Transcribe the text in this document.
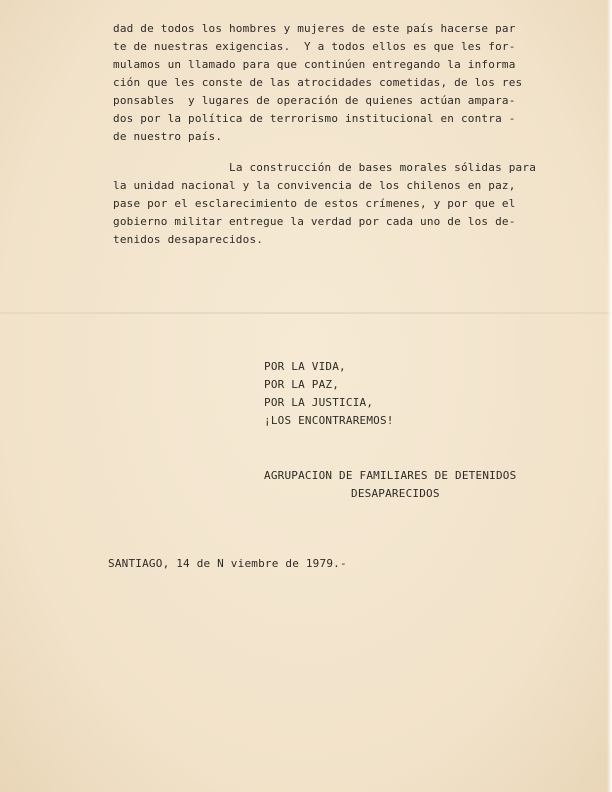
dad de todos los hombres y mujeres de este país hacerse par
te de nuestras exigencias.  Y a todos ellos es que les for-
mulamos un llamado para que continúen entregando la informa
ción que les conste de las atrocidades cometidas, de los res
ponsables  y lugares de operación de quienes actúan ampara-
dos por la política de terrorismo institucional en contra -
de nuestro país.
La construcción de bases morales sólidas para
la unidad nacional y la convivencia de los chilenos en paz,
pase por el esclarecimiento de estos crímenes, y por que el
gobierno militar entregue la verdad por cada uno de los de-
tenidos desaparecidos.
POR LA VIDA,
POR LA PAZ,
POR LA JUSTICIA,
¡LOS ENCONTRAREMOS!
AGRUPACION DE FAMILIARES DE DETENIDOS
DESAPARECIDOS
SANTIAGO, 14 de N viembre de 1979.-
